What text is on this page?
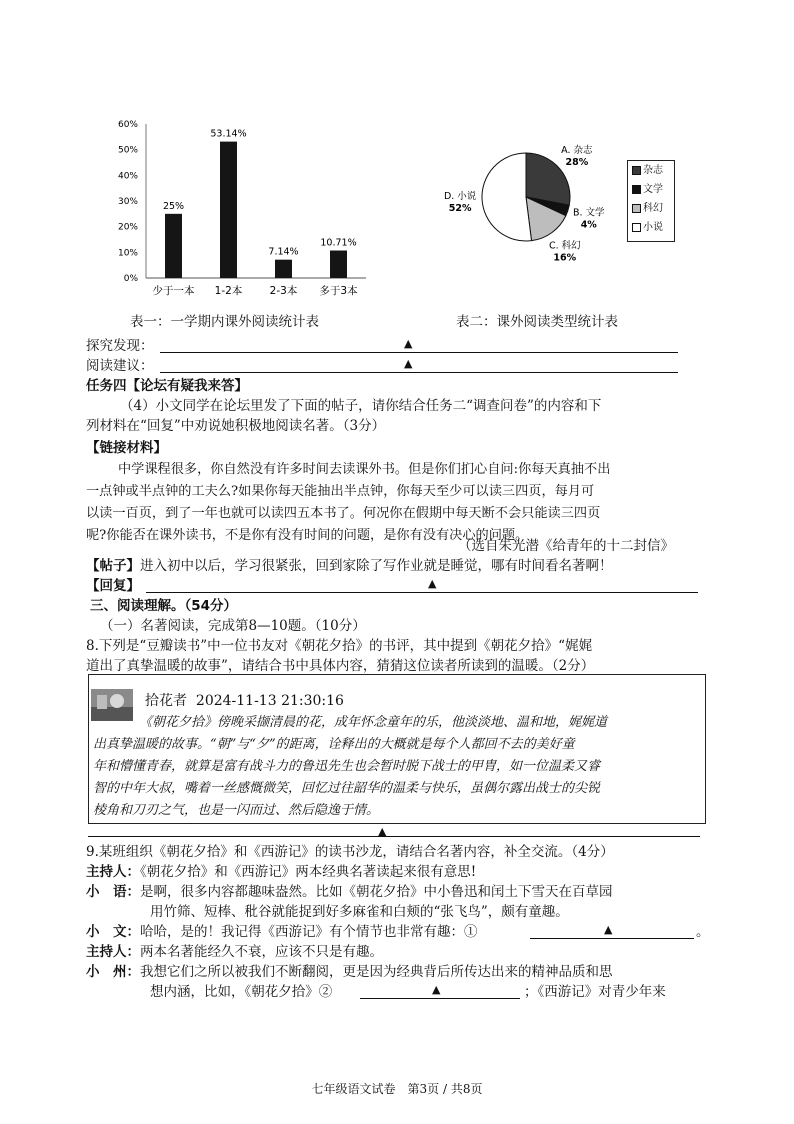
60%
50%
40%
30%
20%
10%
0%
25%
少于一本
53.14%
1-2本
7.14%
2-3本
10.71%
多于3本
表一：一学期内课外阅读统计表
A. 杂志
28%
B. 文学
4%
C. 科幻
16%
D. 小说
52%
杂志
文学
科幻
小说
表二：课外阅读类型统计表
探究发现：	▲
阅读建议：	▲
任务四【论坛有疑我来答】
（4）小文同学在论坛里发了下面的帖子，请你结合任务二“调查问卷”的内容和下
列材料在“回复”中劝说她积极地阅读名著。（3分）
【链接材料】
中学课程很多，你自然没有许多时间去读课外书。但是你们扪心自问:你每天真抽不出
一点钟或半点钟的工夫么?如果你每天能抽出半点钟，你每天至少可以读三四页，每月可
以读一百页，到了一年也就可以读四五本书了。何况你在假期中每天断不会只能读三四页
呢?你能否在课外读书，不是你有没有时间的问题，是你有没有决心的问题。
（选自朱光潜《给青年的十二封信》
【帖子】进入初中以后，学习很紧张，回到家除了写作业就是睡觉，哪有时间看名著啊！
【回复】	▲
三、阅读理解。（54分）
（一）名著阅读，完成第8—10题。（10分）
8.下列是“豆瓣读书”中一位书友对《朝花夕拾》的书评，其中提到《朝花夕拾》“娓娓
道出了真挚温暖的故事”，请结合书中具体内容，猜猜这位读者所读到的温暖。（2分）
拾花者 2024-11-13 21:30:16
《朝花夕拾》傍晚采撷清晨的花，成年怀念童年的乐，他淡淡地、温和地，娓娓道
出真挚温暖的故事。“朝”与“夕”的距离，诠释出的大概就是每个人都回不去的美好童
年和懵懂青春，就算是富有战斗力的鲁迅先生也会暂时脱下战士的甲胄，如一位温柔又睿
智的中年大叔，嘴着一丝感慨微笑，回忆过往韶华的温柔与快乐，虽偶尔露出战士的尖锐
棱角和刀刃之气，也是一闪而过、然后隐逸于情。
▲
9.某班组织《朝花夕拾》和《西游记》的读书沙龙，请结合名著内容，补全交流。（4分）
主持人：《朝花夕拾》和《西游记》两本经典名著读起来很有意思!
小　语：是啊，很多内容都趣味盎然。比如《朝花夕拾》中小鲁迅和闰土下雪天在百草园
用竹筛、短棒、秕谷就能捉到好多麻雀和白颊的“张飞鸟”，颇有童趣。
小　文：哈哈，是的！我记得《西游记》有个情节也非常有趣：①	▲	。
主持人：两本名著能经久不衰，应该不只是有趣。
小　州：我想它们之所以被我们不断翻阅，更是因为经典背后所传达出来的精神品质和思
想内涵，比如，《朝花夕拾》②	▲	；《西游记》对青少年来
七年级语文试卷　第3页 / 共8页
